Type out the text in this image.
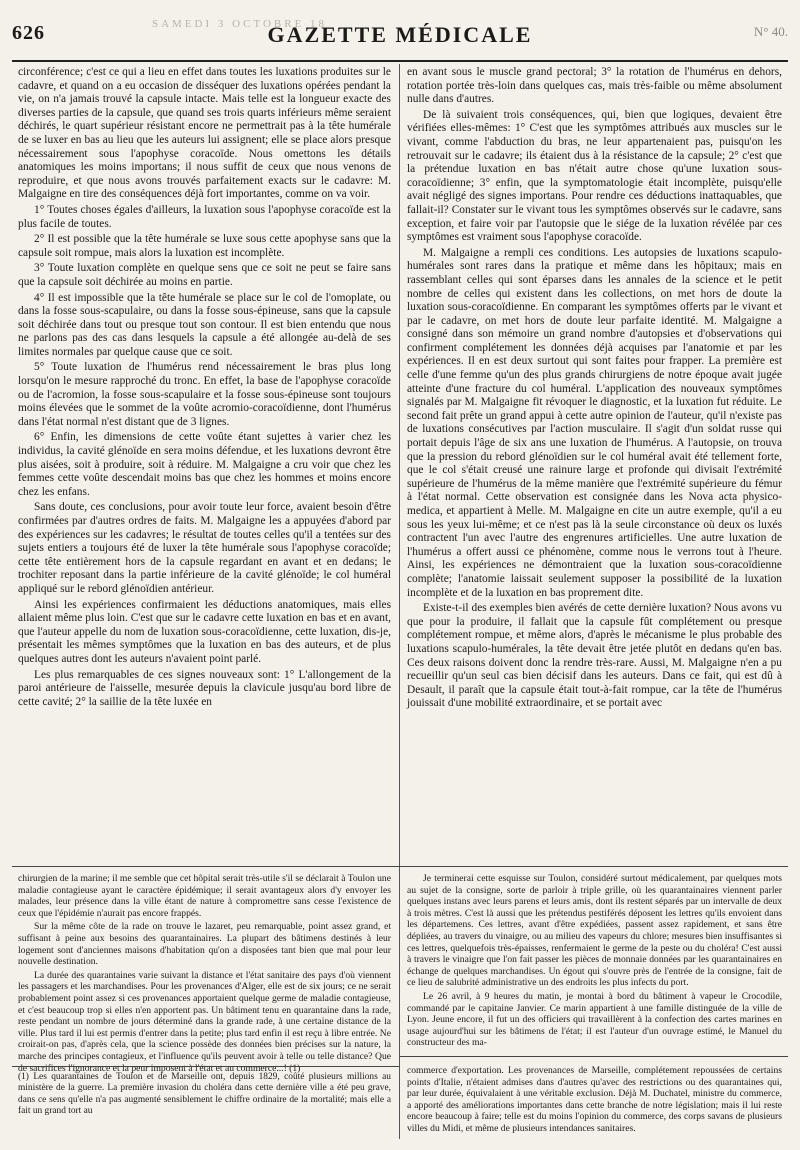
SAMEDI 3 OCTOBRE 18
626	GAZETTE MÉDICALE	N° 40.

circonférence; c'est ce qui a lieu en effet dans toutes les luxations produites sur le cadavre, et quand on a eu occasion de disséquer des luxations opérées pendant la vie, on n'a jamais trouvé la capsule intacte. Mais telle est la longueur exacte des diverses parties de la capsule, que quand ses trois quarts inférieurs même seraient déchirés, le quart supérieur résistant encore ne permettrait pas à la tête humérale de se luxer en bas au lieu que les auteurs lui assignent; elle se place alors presque nécessairement sous l'apophyse coracoïde. Nous omettons les détails anatomiques les moins importans; il nous suffit de ceux que nous venons de reproduire, et que nous avons trouvés parfaitement exacts sur le cadavre: M. Malgaigne en tire des conséquences déjà fort importantes, comme on va voir.

1° Toutes choses égales d'ailleurs, la luxation sous l'apophyse coracoïde est la plus facile de toutes.

2° Il est possible que la tête humérale se luxe sous cette apophyse sans que la capsule soit rompue, mais alors la luxation est incomplète.

3° Toute luxation complète en quelque sens que ce soit ne peut se faire sans que la capsule soit déchirée au moins en partie.

4° Il est impossible que la tête humérale se place sur le col de l'omoplate, ou dans la fosse sous-scapulaire, ou dans la fosse sous-épineuse, sans que la capsule soit déchirée dans tout ou presque tout son contour. Il est bien entendu que nous ne parlons pas des cas dans lesquels la capsule a été allongée au-delà de ses limites normales par quelque cause que ce soit.

5° Toute luxation de l'humérus rend nécessairement le bras plus long lorsqu'on le mesure rapproché du tronc. En effet, la base de l'apophyse coracoïde ou de l'acromion, la fosse sous-scapulaire et la fosse sous-épineuse sont toujours moins élevées que le sommet de la voûte acromio-coracoïdienne, dont l'humérus dans l'état normal n'est distant que de 3 lignes.

6° Enfin, les dimensions de cette voûte étant sujettes à varier chez les individus, la cavité glénoïde en sera moins défendue, et les luxations devront être plus aisées, soit à produire, soit à réduire. M. Malgaigne a cru voir que chez les femmes cette voûte descendait moins bas que chez les hommes et moins encore chez les enfans.

Sans doute, ces conclusions, pour avoir toute leur force, avaient besoin d'être confirmées par d'autres ordres de faits. M. Malgaigne les a appuyées d'abord par des expériences sur les cadavres; le résultat de toutes celles qu'il a tentées sur des sujets entiers a toujours été de luxer la tête humérale sous l'apophyse coracoïde; cette tête entièrement hors de la capsule regardant en avant et en dedans; le trochiter reposant dans la partie inférieure de la cavité glénoïde; le col huméral appliqué sur le rebord glénoïdien antérieur.

Ainsi les expériences confirmaient les déductions anatomiques, mais elles allaient même plus loin. C'est que sur le cadavre cette luxation en bas et en avant, que l'auteur appelle du nom de luxation sous-coracoïdienne, cette luxation, dis-je, présentait les mêmes symptômes que la luxation en bas des auteurs, et de plus quelques autres dont les auteurs n'avaient point parlé.

Les plus remarquables de ces signes nouveaux sont: 1° L'allongement de la paroi antérieure de l'aisselle, mesurée depuis la clavicule jusqu'au bord libre de cette cavité; 2° la saillie de la tête luxée en

en avant sous le muscle grand pectoral; 3° la rotation de l'humérus en dehors, rotation portée très-loin dans quelques cas, mais très-faible ou même absolument nulle dans d'autres.

De là suivaient trois conséquences, qui, bien que logiques, devaient être vérifiées elles-mêmes: 1° C'est que les symptômes attribués aux muscles sur le vivant, comme l'abduction du bras, ne leur appartenaient pas, puisqu'on les retrouvait sur le cadavre; ils étaient dus à la résistance de la capsule; 2° c'est que la prétendue luxation en bas n'était autre chose qu'une luxation sous-coracoïdienne; 3° enfin, que la symptomatologie était incomplète, puisqu'elle avait négligé des signes importans. Pour rendre ces déductions inattaquables, que fallait-il? Constater sur le vivant tous les symptômes observés sur le cadavre, sans exception, et faire voir par l'autopsie que le siége de la luxation révélée par ces symptômes est vraiment sous l'apophyse coracoïde.

M. Malgaigne a rempli ces conditions. Les autopsies de luxations scapulo-humérales sont rares dans la pratique et même dans les hôpitaux; mais en rassemblant celles qui sont éparses dans les annales de la science et le petit nombre de celles qui existent dans les collections, on met hors de doute la luxation sous-coracoïdienne. En comparant les symptômes offerts par le vivant et par le cadavre, on met hors de doute leur parfaite identité. M. Malgaigne a consigné dans son mémoire un grand nombre d'autopsies et d'observations qui confirment complétement les données déjà acquises par l'anatomie et par les expériences. Il en est deux surtout qui sont faites pour frapper. La première est celle d'une femme qu'un des plus grands chirurgiens de notre époque avait jugée atteinte d'une fracture du col huméral. L'application des nouveaux symptômes signalés par M. Malgaigne fit révoquer le diagnostic, et la luxation fut réduite. Le second fait prête un grand appui à cette autre opinion de l'auteur, qu'il n'existe pas de luxations consécutives par l'action musculaire. Il s'agit d'un soldat russe qui portait depuis l'âge de six ans une luxation de l'humérus. A l'autopsie, on trouva que la pression du rebord glénoïdien sur le col huméral avait été tellement forte, que le col s'était creusé une rainure large et profonde qui divisait l'extrémité supérieure de l'humérus de la même manière que l'extrémité supérieure du fémur à l'état normal. Cette observation est consignée dans les Nova acta physico-medica, et appartient à Melle. M. Malgaigne en cite un autre exemple, qu'il a eu sous les yeux lui-même; et ce n'est pas là la seule circonstance où deux os luxés contractent l'un avec l'autre des engrenures artificielles. Une autre luxation de l'humérus a offert aussi ce phénomène, comme nous le verrons tout à l'heure. Ainsi, les expériences ne démontraient que la luxation sous-coracoïdienne complète; l'anatomie laissait seulement supposer la possibilité de la luxation incomplète et de la luxation en bas proprement dite.

Existe-t-il des exemples bien avérés de cette dernière luxation? Nous avons vu que pour la produire, il fallait que la capsule fût complétement ou presque complétement rompue, et même alors, d'après le mécanisme le plus probable des luxations scapulo-humérales, la tête devait être jetée plutôt en dedans qu'en bas. Ces deux raisons doivent donc la rendre très-rare. Aussi, M. Malgaigne n'en a pu recueillir qu'un seul cas bien décisif dans les auteurs. Dans ce fait, qui est dû à Desault, il paraît que la capsule était tout-à-fait rompue, car la tête de l'humérus jouissait d'une mobilité extraordinaire, et se portait avec

chirurgien de la marine; il me semble que cet hôpital serait très-utile s'il se déclarait à Toulon une maladie contagieuse ayant le caractère épidémique; il serait avantageux alors d'y envoyer les malades, leur présence dans la ville étant de nature à compromettre sans cesse l'existence de ceux que l'épidémie n'aurait pas encore frappés.

Sur la même côte de la rade on trouve le lazaret, peu remarquable, point assez grand, et suffisant à peine aux besoins des quarantainaires. La plupart des bâtimens destinés à leur logement sont d'anciennes maisons d'habitation qu'on a disposées tant bien que mal pour leur nouvelle destination.

La durée des quarantaines varie suivant la distance et l'état sanitaire des pays d'où viennent les passagers et les marchandises. Pour les provenances d'Alger, elle est de six jours; ce ne serait probablement point assez si ces provenances apportaient quelque germe de maladie contagieuse, et c'est beaucoup trop si elles n'en apportent pas. Un bâtiment tenu en quarantaine dans la rade, reste pendant un nombre de jours déterminé dans la grande rade, à une certaine distance de la ville. Plus tard il lui est permis d'entrer dans la petite; plus tard enfin il est reçu à libre entrée. Ne croirait-on pas, d'après cela, que la science possède des données bien précises sur la nature, la marche des principes contagieux, et l'influence qu'ils peuvent avoir à telle ou telle distance? Que de sacrifices l'ignorance et la peur imposent à l'état et au commerce...! (1)

Je terminerai cette esquisse sur Toulon, considéré surtout médicalement, par quelques mots au sujet de la consigne, sorte de parloir à triple grille, où les quarantainaires viennent parler quelques instans avec leurs parens et leurs amis, dont ils restent séparés par un intervalle de deux à trois mètres. C'est là aussi que les prétendus pestiférés déposent les lettres qu'ils envoient dans les départemens. Ces lettres, avant d'être expédiées, passent assez rapidement, et sans être dépliées, au travers du vinaigre, ou au milieu des vapeurs du chlore; mesures bien insuffisantes si ces lettres, quelquefois très-épaisses, renfermaient le germe de la peste ou du choléra! C'est aussi à travers le vinaigre que l'on fait passer les pièces de monnaie données par les quarantainaires en échange de quelques marchandises. Un égout qui s'ouvre près de l'entrée de la consigne, fait de ce lieu de salubrité administrative un des endroits les plus infects du port.

Le 26 avril, à 9 heures du matin, je montai à bord du bâtiment à vapeur le Crocodile, commandé par le capitaine Janvier. Ce marin appartient à une famille distinguée de la ville de Lyon. Jeune encore, il fut un des officiers qui travaillèrent à la confection des cartes marines en usage aujourd'hui sur les bâtimens de l'état; il est l'auteur d'un ouvrage estimé, le Manuel du constructeur des ma-

commerce d'exportation. Les provenances de Marseille, complétement repoussées de certains points d'Italie, n'étaient admises dans d'autres qu'avec des restrictions ou des quarantaines qui, par leur durée, équivalaient à une véritable exclusion. Déjà M. Duchatel, ministre du commerce, a apporté des améliorations importantes dans cette branche de notre législation; mais il lui reste encore beaucoup à faire; telle est du moins l'opinion du commerce, des corps savans de plusieurs villes du Midi, et même de plusieurs intendances sanitaires.

(1) Les quarantaines de Toulon et de Marseille ont, depuis 1829, coûté plusieurs millions au ministère de la guerre. La première invasion du choléra dans cette dernière ville a été peu grave, dans ce sens qu'elle n'a pas augmenté sensiblement le chiffre ordinaire de la mortalité; mais elle a fait un grand tort au
